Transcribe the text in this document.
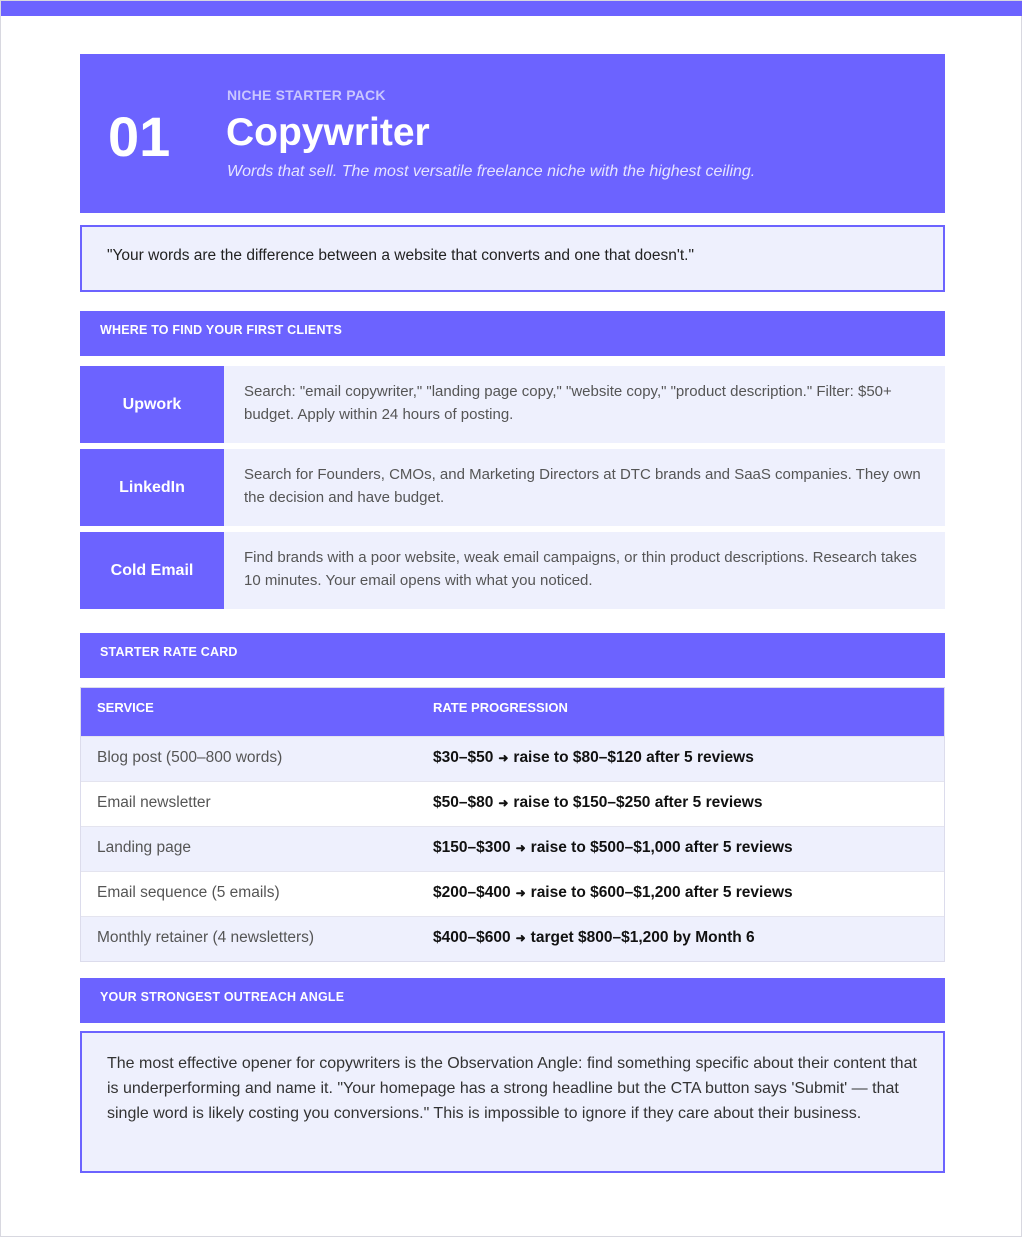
01
NICHE STARTER PACK
Copywriter
Words that sell. The most versatile freelance niche with the highest ceiling.
"Your words are the difference between a website that converts and one that doesn't."
WHERE TO FIND YOUR FIRST CLIENTS
Upwork
Search: "email copywriter," "landing page copy," "website copy," "product description." Filter: $50+ budget. Apply within 24 hours of posting.
LinkedIn
Search for Founders, CMOs, and Marketing Directors at DTC brands and SaaS companies. They own the decision and have budget.
Cold Email
Find brands with a poor website, weak email campaigns, or thin product descriptions. Research takes 10 minutes. Your email opens with what you noticed.
STARTER RATE CARD
SERVICE	RATE PROGRESSION
Blog post (500–800 words)	$30–$50 ➜ raise to $80–$120 after 5 reviews
Email newsletter	$50–$80 ➜ raise to $150–$250 after 5 reviews
Landing page	$150–$300 ➜ raise to $500–$1,000 after 5 reviews
Email sequence (5 emails)	$200–$400 ➜ raise to $600–$1,200 after 5 reviews
Monthly retainer (4 newsletters)	$400–$600 ➜ target $800–$1,200 by Month 6
YOUR STRONGEST OUTREACH ANGLE
The most effective opener for copywriters is the Observation Angle: find something specific about their content that is underperforming and name it. "Your homepage has a strong headline but the CTA button says 'Submit' — that single word is likely costing you conversions." This is impossible to ignore if they care about their business.
